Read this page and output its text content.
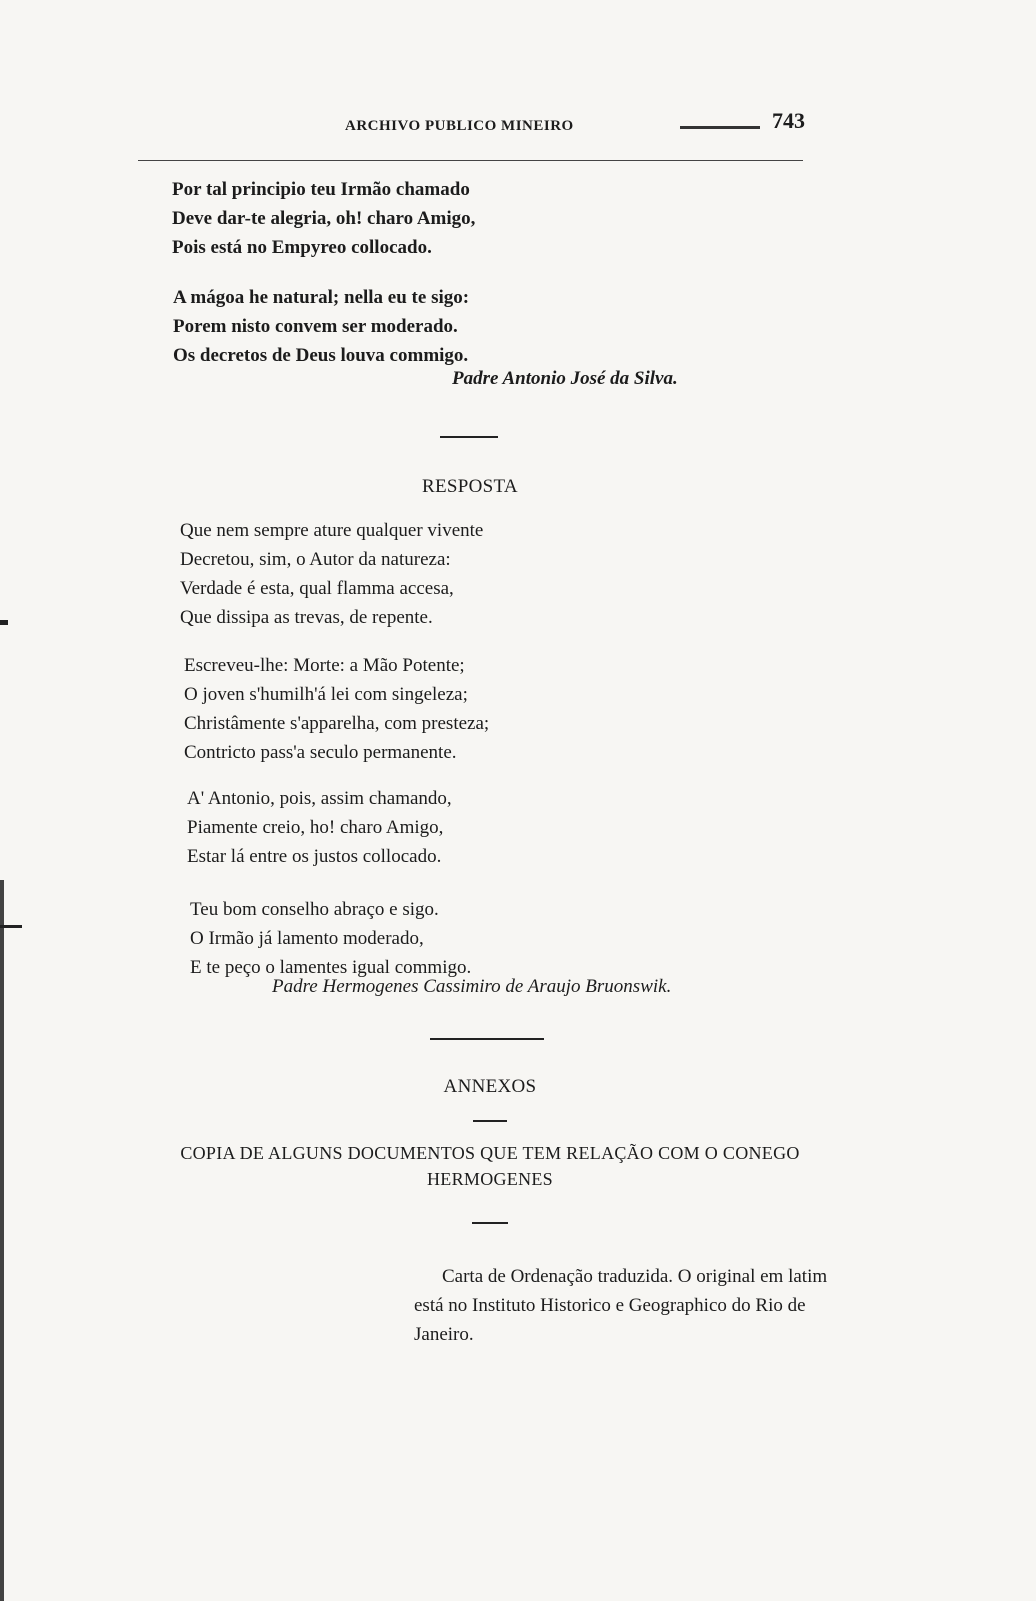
ARCHIVO PUBLICO MINEIRO	743
Por tal principio teu Irmão chamado
Deve dar-te alegria, oh! charo Amigo,
Pois está no Empyreo collocado.
A mágoa he natural; nella eu te sigo:
Porem nisto convem ser moderado.
Os decretos de Deus louva commigo.
Padre Antonio José da Silva.
RESPOSTA
Que nem sempre ature qualquer vivente
Decretou, sim, o Autor da natureza:
Verdade é esta, qual flamma accesa,
Que dissipa as trevas, de repente.
Escreveu-lhe: Morte: a Mão Potente;
O joven s'humilh'á lei com singeleza;
Christâmente s'apparelha, com presteza;
Contricto pass'a seculo permanente.
A' Antonio, pois, assim chamando,
Piamente creio, ho! charo Amigo,
Estar lá entre os justos collocado.
Teu bom conselho abraço e sigo.
O Irmão já lamento moderado,
E te peço o lamentes igual commigo.
Padre Hermogenes Cassimiro de Araujo Bruonswik.
ANNEXOS
COPIA DE ALGUNS DOCUMENTOS QUE TEM RELAÇÃO COM O CONEGO
HERMOGENES
Carta de Ordenação traduzida. O original em latim está no Instituto Historico e Geographico do Rio de Janeiro.
